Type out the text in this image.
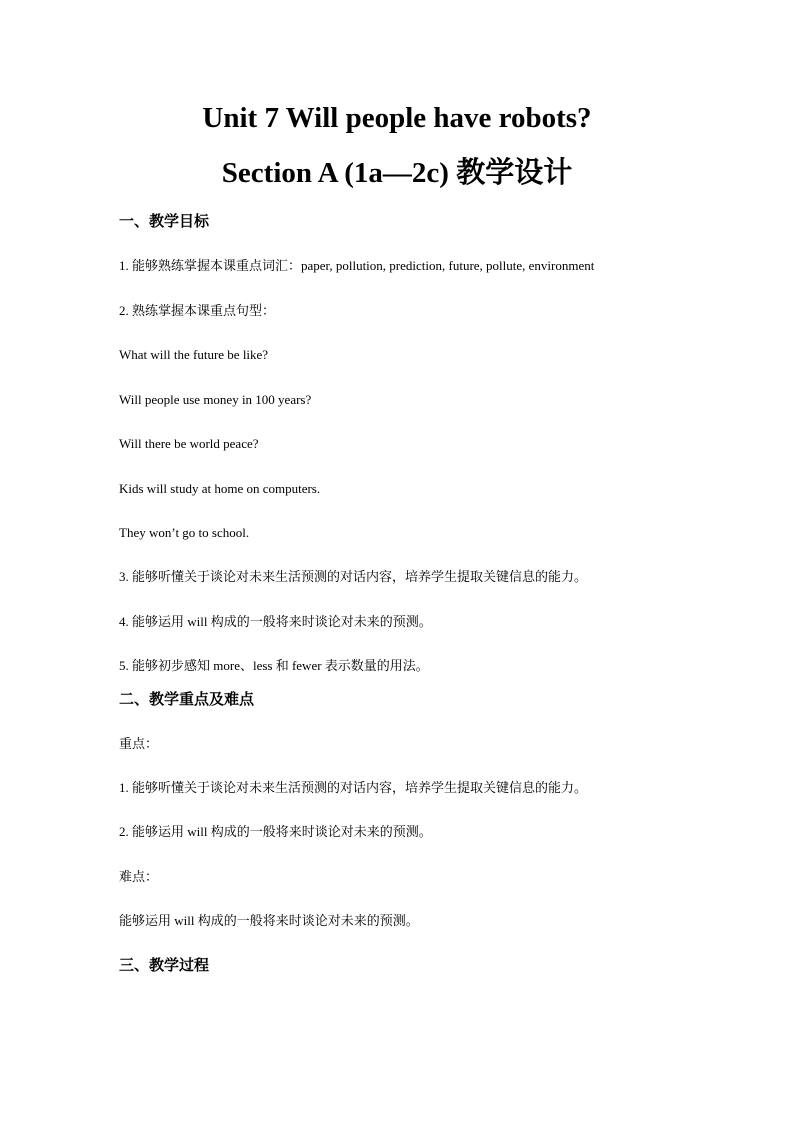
Unit 7 Will people have robots?
Section A (1a—2c) 教学设计
一、教学目标
1. 能够熟练掌握本课重点词汇：paper, pollution, prediction, future, pollute, environment
2. 熟练掌握本课重点句型：
What will the future be like?
Will people use money in 100 years?
Will there be world peace?
Kids will study at home on computers.
They won’t go to school.
3. 能够听懂关于谈论对未来生活预测的对话内容，培养学生提取关键信息的能力。
4. 能够运用 will 构成的一般将来时谈论对未来的预测。
5. 能够初步感知 more、less 和 fewer 表示数量的用法。
二、教学重点及难点
重点：
1. 能够听懂关于谈论对未来生活预测的对话内容，培养学生提取关键信息的能力。
2. 能够运用 will 构成的一般将来时谈论对未来的预测。
难点：
能够运用 will 构成的一般将来时谈论对未来的预测。
三、教学过程
